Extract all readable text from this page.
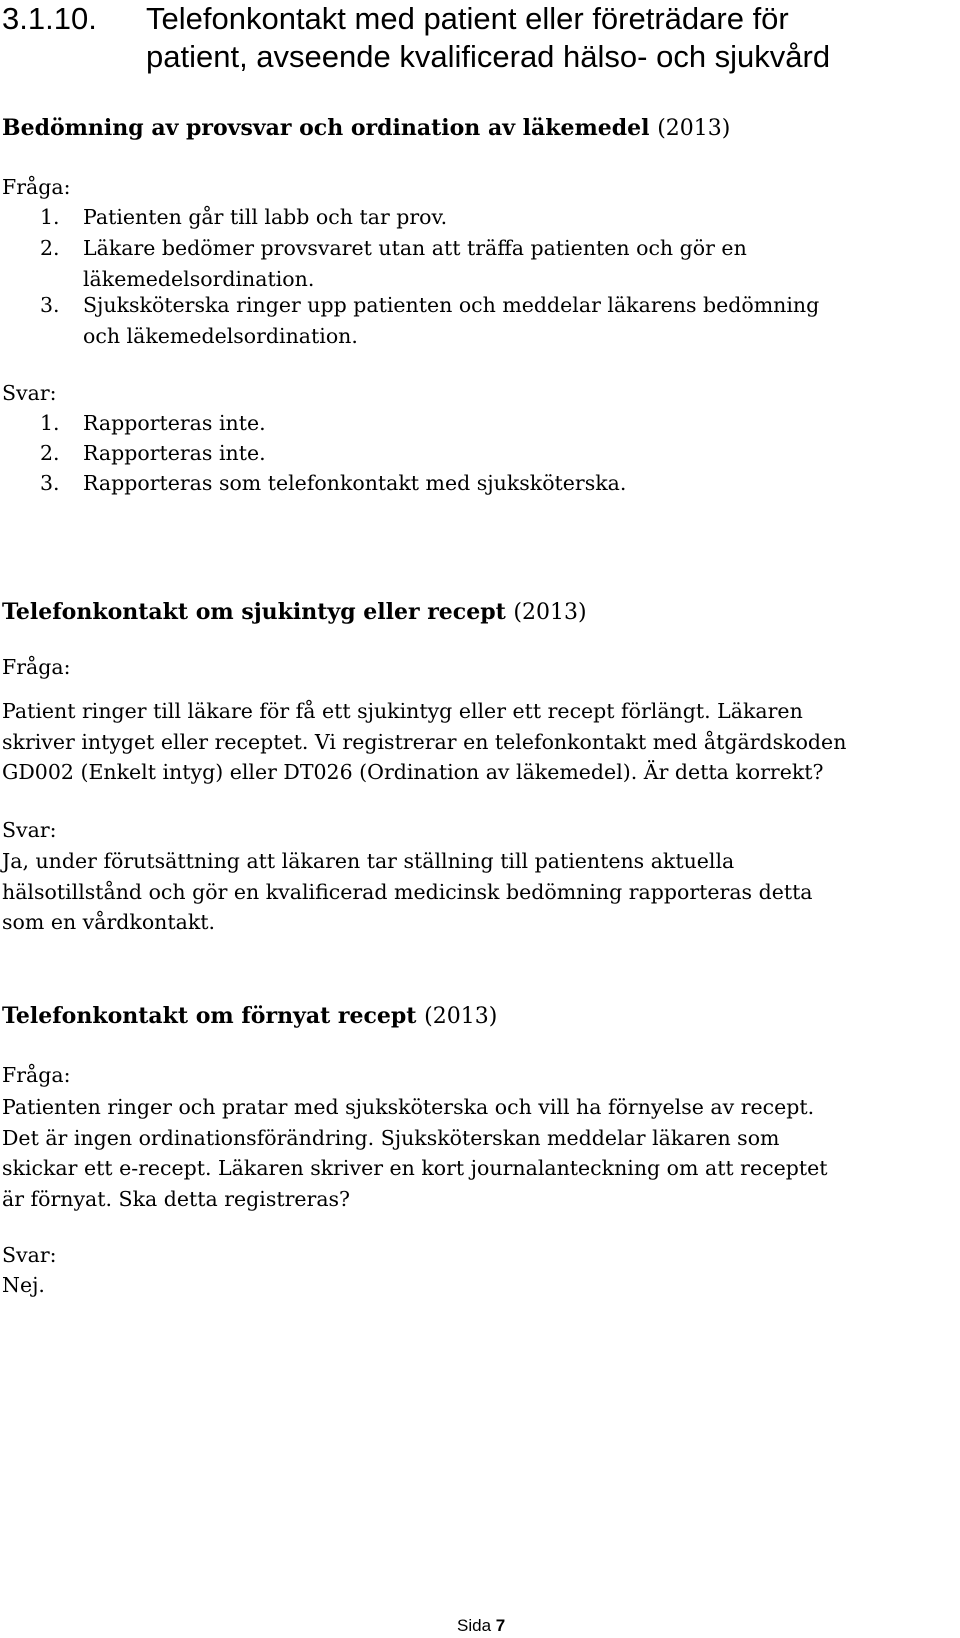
3.1.10. Telefonkontakt med patient eller företrädare för
patient, avseende kvalificerad hälso- och sjukvård
Bedömning av provsvar och ordination av läkemedel (2013)
Fråga:
1. Patienten går till labb och tar prov.
2. Läkare bedömer provsvaret utan att träffa patienten och gör en
läkemedelsordination.
3. Sjuksköterska ringer upp patienten och meddelar läkarens bedömning
och läkemedelsordination.
Svar:
1. Rapporteras inte.
2. Rapporteras inte.
3. Rapporteras som telefonkontakt med sjuksköterska.
Telefonkontakt om sjukintyg eller recept (2013)
Fråga:
Patient ringer till läkare för få ett sjukintyg eller ett recept förlängt. Läkaren
skriver intyget eller receptet. Vi registrerar en telefonkontakt med åtgärdskoden
GD002 (Enkelt intyg) eller DT026 (Ordination av läkemedel). Är detta korrekt?
Svar:
Ja, under förutsättning att läkaren tar ställning till patientens aktuella
hälsotillstånd och gör en kvalificerad medicinsk bedömning rapporteras detta
som en vårdkontakt.
Telefonkontakt om förnyat recept (2013)
Fråga:
Patienten ringer och pratar med sjuksköterska och vill ha förnyelse av recept.
Det är ingen ordinationsförändring. Sjuksköterskan meddelar läkaren som
skickar ett e-recept. Läkaren skriver en kort journalanteckning om att receptet
är förnyat. Ska detta registreras?
Svar:
Nej.
Sida 7
